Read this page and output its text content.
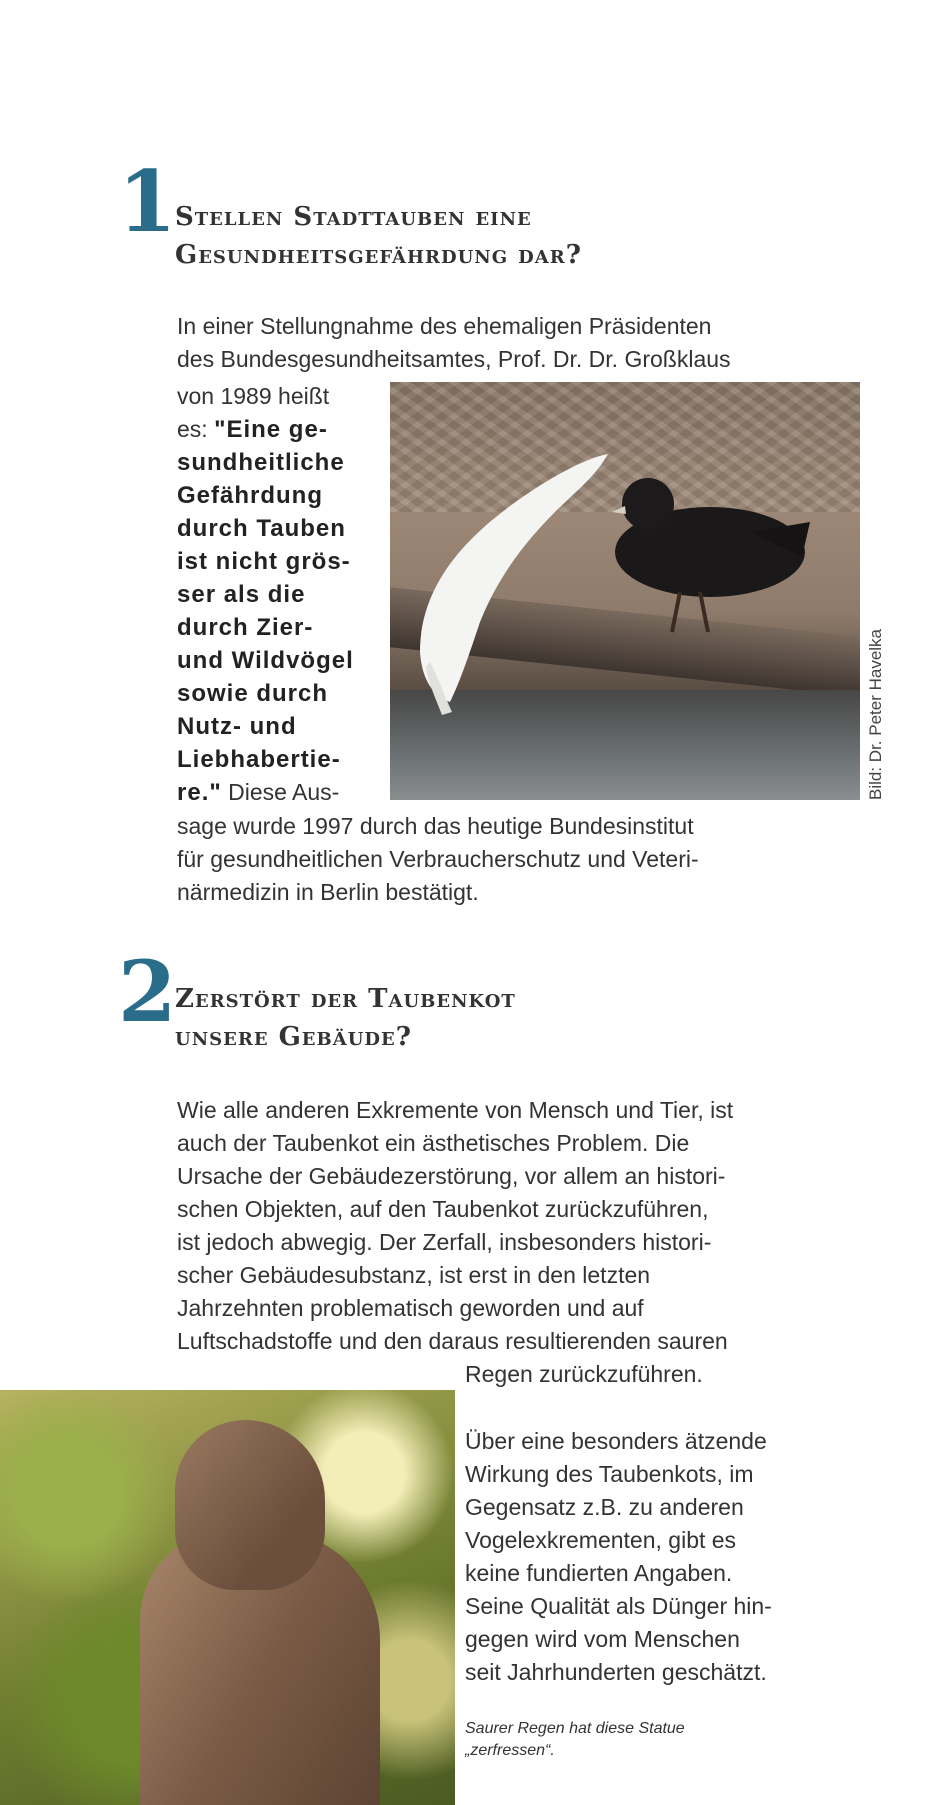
1

Stellen Stadttauben eine

Gesundheitsgefährdung dar?

In einer Stellungnahme des ehemaligen Präsidenten

des Bundesgesundheitsamtes, Prof. Dr. Dr. Großklaus

von 1989 heißt

es: "Eine ge-

sundheitliche
Gefährdung
durch Tauben
ist nicht grös-
ser als die
durch Zier-
und Wildvögel
sowie durch
Nutz- und
Liebhabertie-

re." Diese Aus-	Bild: Dr. Peter Havelka

sage wurde 1997 durch das heutige Bundesinstitut

für gesundheitlichen Verbraucherschutz und Veteri-

närmedizin in Berlin bestätigt.

2

Zerstört der Taubenkot

unsere Gebäude?

Wie alle anderen Exkremente von Mensch und Tier, ist

auch der Taubenkot ein ästhetisches Problem. Die

Ursache der Gebäudezerstörung, vor allem an histori-

schen Objekten, auf den Taubenkot zurückzuführen,

ist jedoch abwegig. Der Zerfall, insbesonders histori-

scher Gebäudesubstanz, ist erst in den letzten

Jahrzehnten problematisch geworden und auf

Luftschadstoffe und den daraus resultierenden sauren

Regen zurückzuführen.

Über eine besonders ätzende

Wirkung des Taubenkots, im

Gegensatz z.B. zu anderen

Vogelexkrementen, gibt es

keine fundierten Angaben.

Seine Qualität als Dünger hin-

gegen wird vom Menschen

seit Jahrhunderten geschätzt.

Saurer Regen hat diese Statue
„zerfressen“.
